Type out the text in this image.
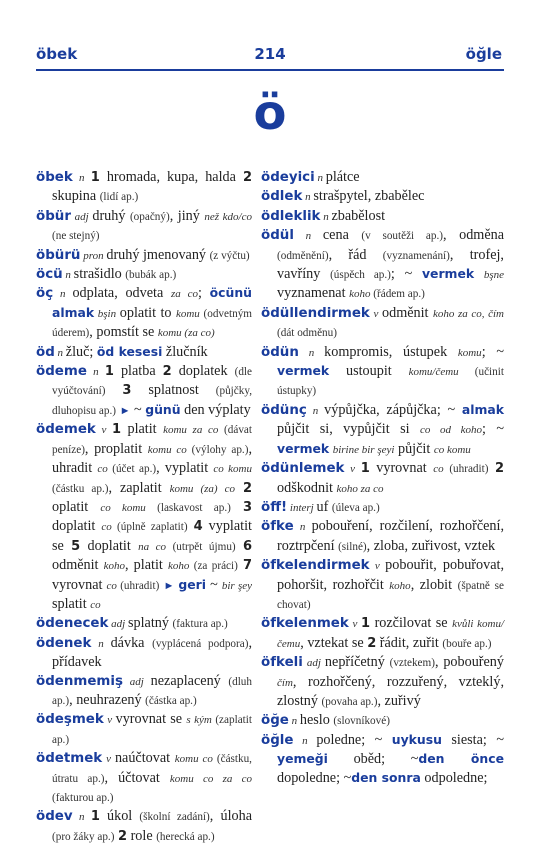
öbek	214	öğle
ö

öbek n 1 hromada, kupa, halda 2 skupina (lidí ap.)

öbür adj druhý (opačný), jiný než kdo/co (ne stejný)

öbürü pron druhý jmenovaný (z výčtu)

öcü n strašidlo (bubák ap.)

öç n odplata, odveta za co; öcünü almak bşin oplatit to komu (odvetným úderem), pomstít se komu (za co)

öd n žluč; öd kesesi žlučník

ödeme n 1 platba 2 doplatek (dle vyúčtování) 3 splatnost (půjčky, dluhopisu ap.) ► ~ günü den výplaty

ödemek v 1 platit komu za co (dávat peníze), proplatit komu co (výlohy ap.), uhradit co (účet ap.), vyplatit co komu (částku ap.), zaplatit komu (za) co 2 oplatit co komu (laskavost ap.) 3 doplatit co (úplně zaplatit) 4 vyplatit se 5 doplatit na co (utrpět újmu) 6 odměnit koho, platit koho (za práci) 7 vyrovnat co (uhradit) ► geri ~ bir şey splatit co

ödenecek adj splatný (faktura ap.)

ödenek n dávka (vyplácená podpora), přídavek

ödenmemiş adj nezaplacený (dluh ap.), neuhrazený (částka ap.)

ödeşmek v vyrovnat se s kým (zaplatit ap.)

ödetmek v naúčtovat komu co (částku, útratu ap.), účtovat komu co za co (fakturou ap.)

ödev n 1 úkol (školní zadání), úloha (pro žáky ap.) 2 role (herecká ap.)

ödeyici n plátce

ödlek n strašpytel, zbabělec

ödleklik n zbabělost

ödül n cena (v soutěži ap.), odměna (odměnění), řád (vyznamenání), trofej, vavříny (úspěch ap.); ~ vermek bşne vyznamenat koho (řádem ap.)

ödüllendirmek v odměnit koho za co, čím (dát odměnu)

ödün n kompromis, ústupek komu; ~ vermek ustoupit komu/čemu (učinit ústupky)

ödünç n výpůjčka, zápůjčka; ~ almak půjčit si, vypůjčit si co od koho; ~ vermek birine bir şeyi půjčit co komu

ödünlemek v 1 vyrovnat co (uhradit) 2 odškodnit koho za co

öff! interj uf (úleva ap.)

öfke n pobouření, rozčilení, rozhořčení, roztrpčení (silné), zloba, zuřivost, vztek

öfkelendirmek v pobouřit, pobuřovat, pohoršit, rozhořčit koho, zlobit (špatně se chovat)

öfkelenmek v 1 rozčilovat se kvůli komu/čemu, vztekat se 2 řádit, zuřit (bouře ap.)

öfkeli adj nepříčetný (vztekem), pobouřený čím, rozhořčený, rozzuřený, vzteklý, zlostný (povaha ap.), zuřivý

öğe n heslo (slovníkové)

öğle n poledne; ~ uykusu siesta; ~ yemeği oběd; ~den önce dopoledne; ~den sonra odpoledne;
